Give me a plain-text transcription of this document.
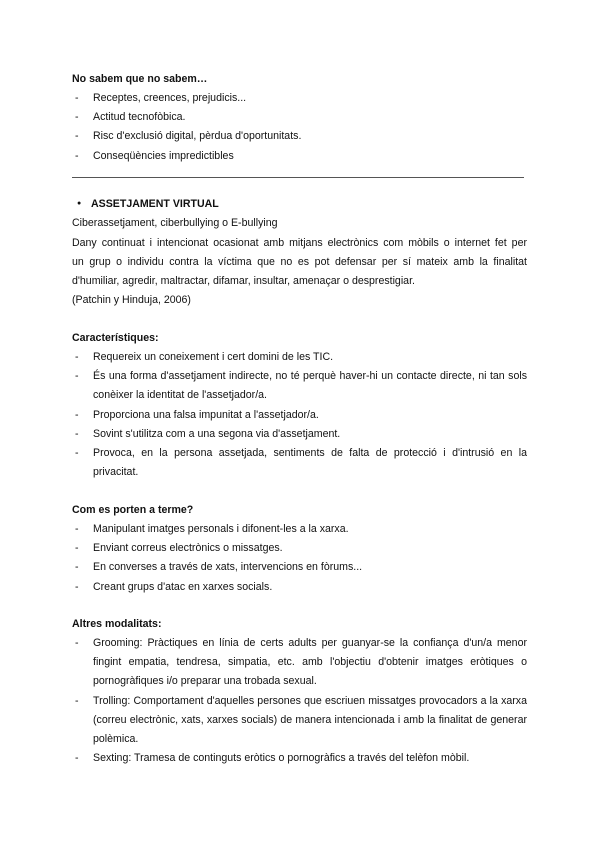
No sabem que no sabem…
- Receptes, creences, prejudicis...
- Actitud tecnofòbica.
- Risc d'exclusió digital, pèrdua d'oportunitats.
- Conseqüències impredictibles
● ASSETJAMENT VIRTUAL
Ciberassetjament, ciberbullying o E-bullying
Dany continuat i intencionat ocasionat amb mitjans electrònics com mòbils o internet fet per
un grup o individu contra la víctima que no es pot defensar per sí mateix amb la finalitat
d'humiliar, agredir, maltractar, difamar, insultar, amenaçar o desprestigiar.
(Patchin y Hinduja, 2006)
Característiques:
- Requereix un coneixement i cert domini de les TIC.
- És una forma d'assetjament indirecte, no té perquè haver-hi un contacte directe, ni tan sols conèixer la identitat de l'assetjador/a.
- Proporciona una falsa impunitat a l'assetjador/a.
- Sovint s'utilitza com a una segona via d'assetjament.
- Provoca, en la persona assetjada, sentiments de falta de protecció i d'intrusió en la privacitat.
Com es porten a terme?
- Manipulant imatges personals i difonent-les a la xarxa.
- Enviant correus electrònics o missatges.
- En converses a través de xats, intervencions en fòrums...
- Creant grups d'atac en xarxes socials.
Altres modalitats:
- Grooming: Pràctiques en línia de certs adults per guanyar-se la confiança d'un/a menor fingint empatia, tendresa, simpatia, etc. amb l'objectiu d'obtenir imatges eròtiques o pornogràfiques i/o preparar una trobada sexual.
- Trolling: Comportament d'aquelles persones que escriuen missatges provocadors a la xarxa (correu electrònic, xats, xarxes socials) de manera intencionada i amb la finalitat de generar polèmica.
- Sexting: Tramesa de continguts eròtics o pornogràfics a través del telèfon mòbil.
